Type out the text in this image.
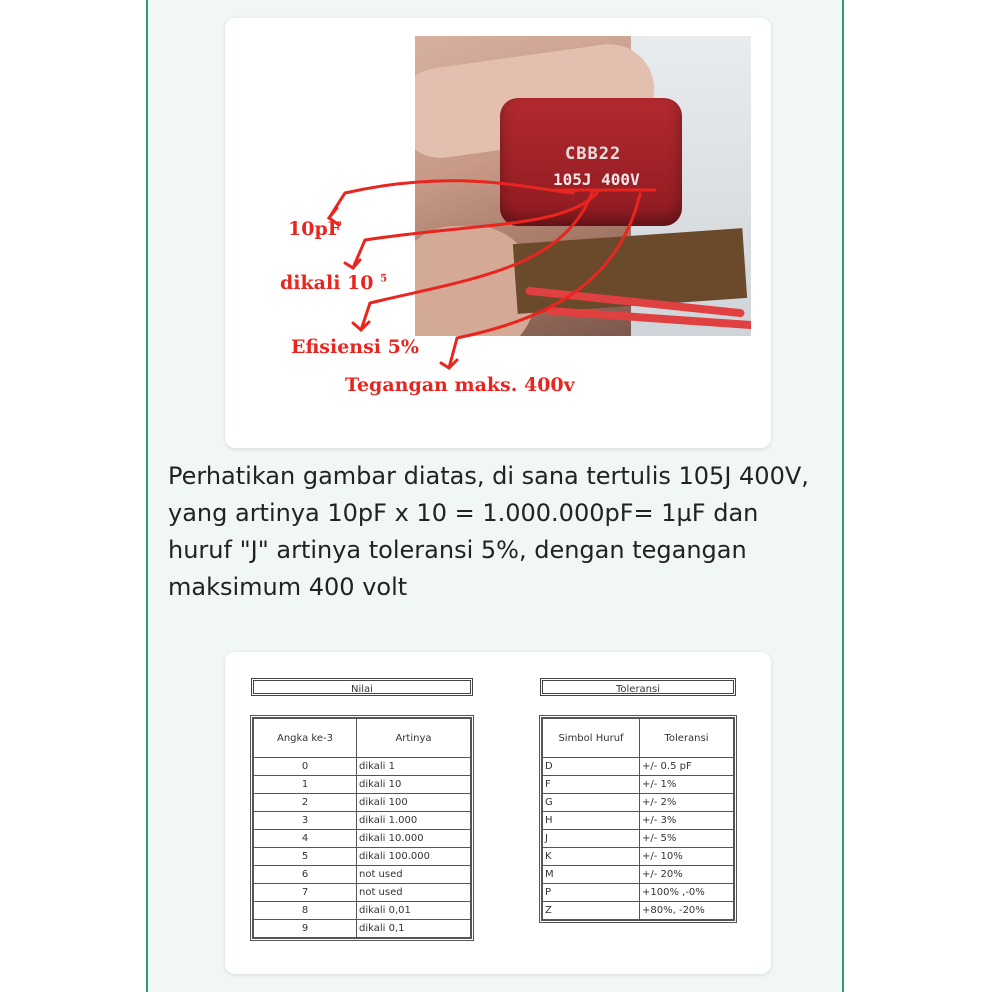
CBB22
105J 400V
10pF
dikali 10 $^5$
Efisiensi 5%
Tegangan maks. 400v
Perhatikan gambar diatas, di sana tertulis 105J 400V, yang artinya 10pF x 10 = 1.000.000pF= 1µF dan huruf "J" artinya toleransi 5%, dengan tegangan maksimum 400 volt
Nilai
Angka ke-3	Artinya
0	dikali 1
1	dikali 10
2	dikali 100
3	dikali 1.000
4	dikali 10.000
5	dikali 100.000
6	not used
7	not used
8	dikali 0,01
9	dikali 0,1
Toleransi
Simbol Huruf	Toleransi
D	+/- 0.5 pF
F	+/- 1%
G	+/- 2%
H	+/- 3%
J	+/- 5%
K	+/- 10%
M	+/- 20%
P	+100% ,-0%
Z	+80%, -20%
